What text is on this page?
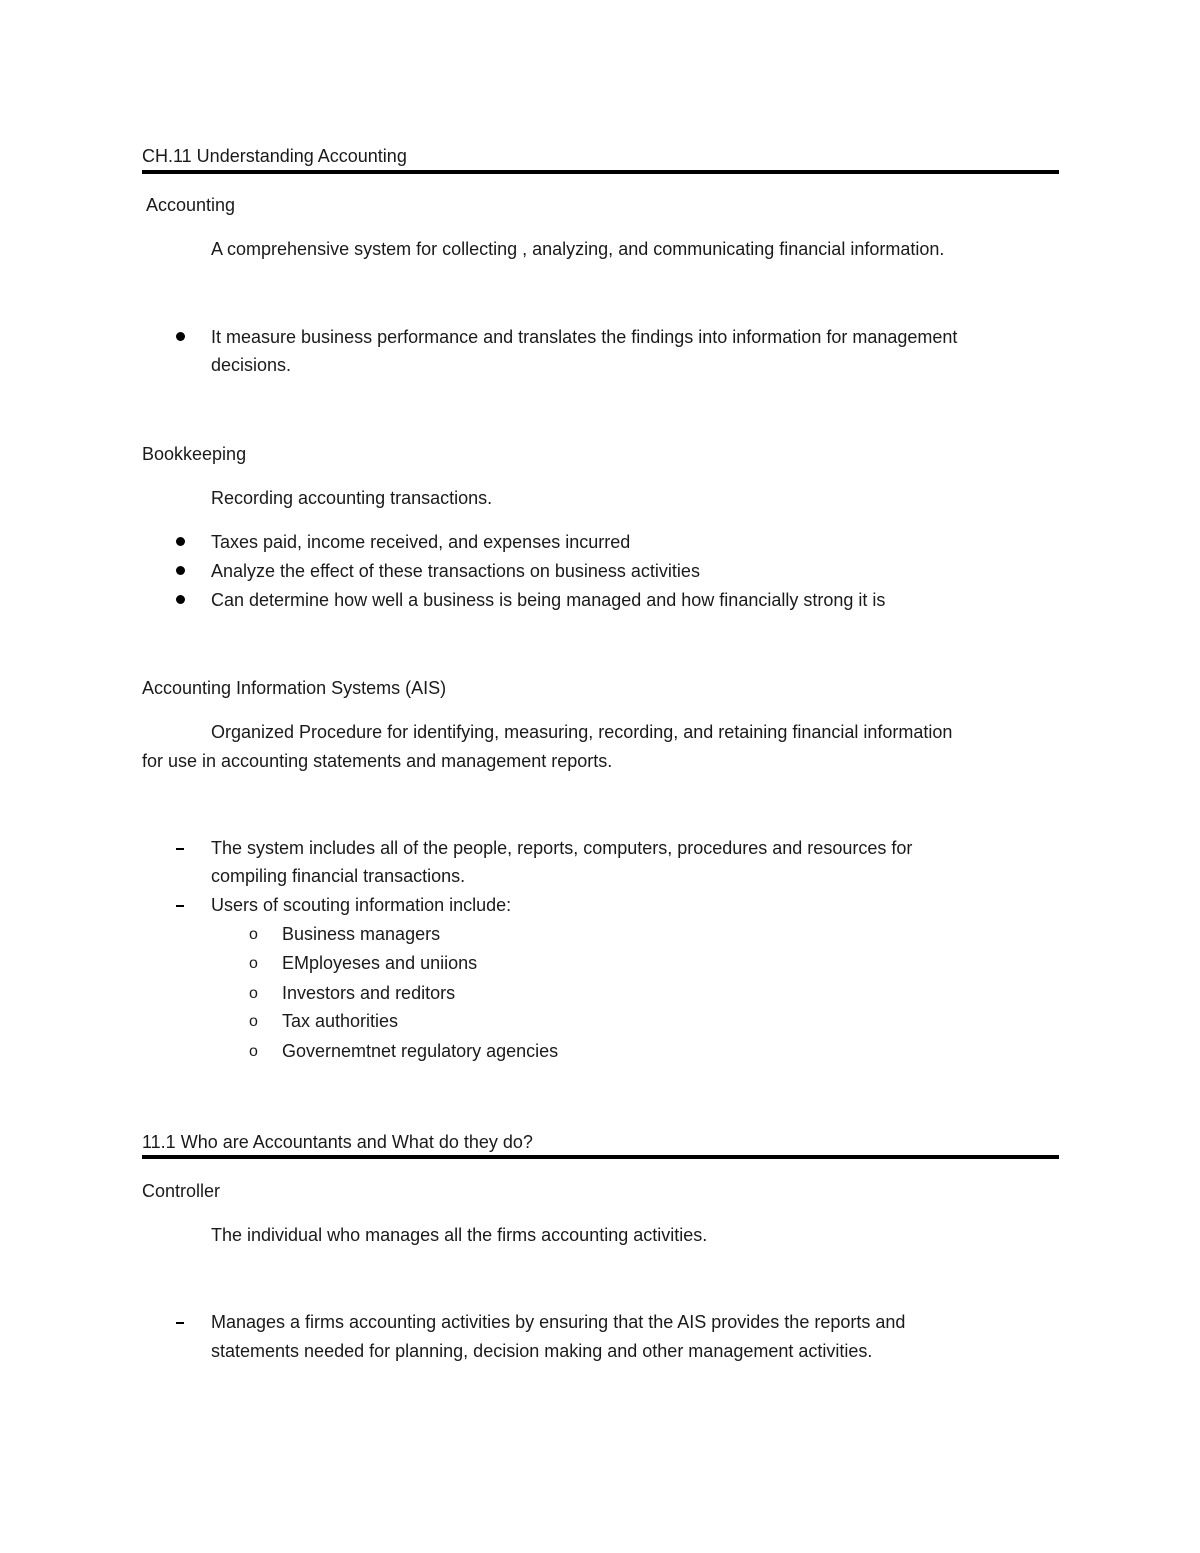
CH.11 Understanding Accounting
Accounting
A comprehensive system for collecting , analyzing, and communicating financial information.
It measure business performance and translates the findings into information for management
decisions.
Bookkeeping
Recording accounting transactions.
Taxes paid, income received, and expenses incurred
Analyze the effect of these transactions on business activities
Can determine how well a business is being managed and how financially strong it is
Accounting Information Systems (AIS)
Organized Procedure for identifying, measuring, recording, and retaining financial information
for use in accounting statements and management reports.
The system includes all of the people, reports, computers, procedures and resources for
compiling financial transactions.
Users of scouting information include:
o Business managers
o EMployeses and uniions
o Investors and reditors
o Tax authorities
o Governemtnet regulatory agencies
11.1 Who are Accountants and What do they do?
Controller
The individual who manages all the firms accounting activities.
Manages a firms accounting activities by ensuring that the AIS provides the reports and
statements needed for planning, decision making and other management activities.
